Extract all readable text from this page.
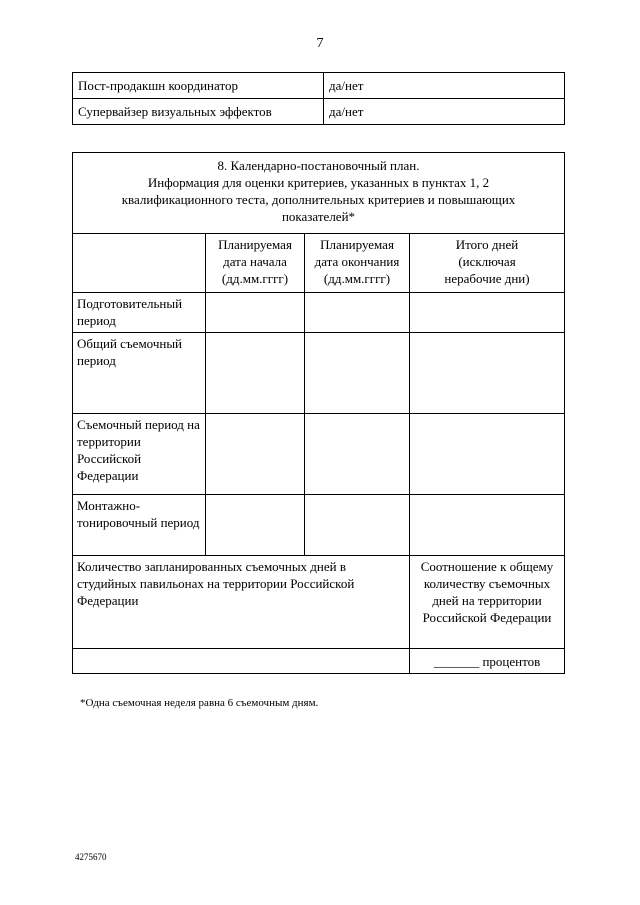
7
Пост-продакшн координатор	да/нет
Супервайзер визуальных эффектов	да/нет
8. Календарно-постановочный план.
Информация для оценки критериев, указанных в пунктах 1, 2 квалификационного теста, дополнительных критериев и повышающих показателей*			

	Планируемая дата начала (дд.мм.гггг)	Планируемая дата окончания (дд.мм.гггг)	Итого дней (исключая нерабочие дни)
Подготовительный период			
Общий съемочный период			
Съемочный период на территории Российской Федерации			
Монтажно-тонировочный период			
Количество запланированных съемочных дней в студийных павильонах на территории Российской Федерации			Соотношение к общему количеству съемочных дней на территории Российской Федерации
			_______ процентов
*Одна съемочная неделя равна 6 съемочным дням.
4275670
